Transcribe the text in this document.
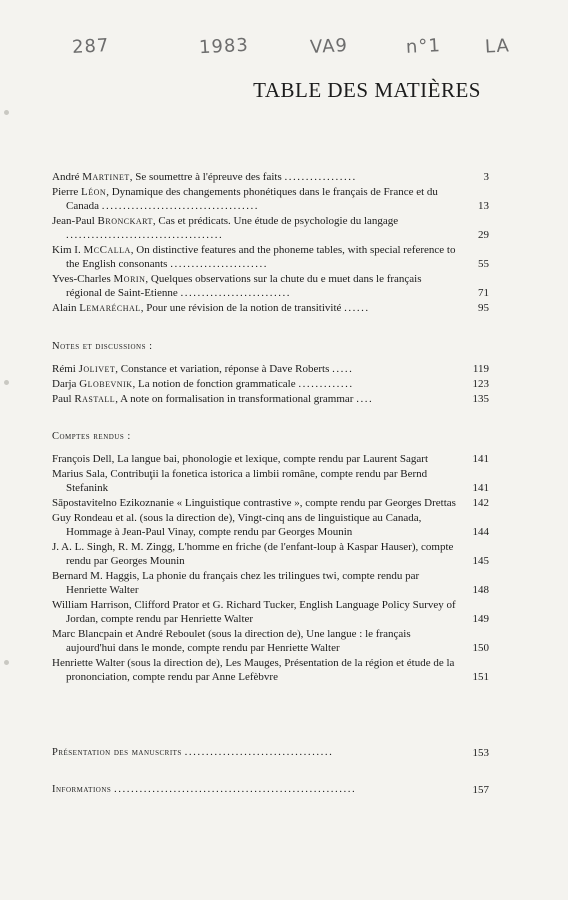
287	1983	VA9	n°1 LA
TABLE DES MATIÈRES
André Martinet, Se soumettre à l'épreuve des faits .................	3
Pierre Léon, Dynamique des changements phonétiques dans le français de France et du Canada .....................................	13
Jean-Paul Bronckart, Cas et prédicats. Une étude de psychologie du langage .....................................	29
Kim I. McCalla, On distinctive features and the phoneme tables, with special reference to the English consonants .......................	55
Yves-Charles Morin, Quelques observations sur la chute du e muet dans le français régional de Saint-Etienne ..........................	71
Alain Lemaréchal, Pour une révision de la notion de transitivité ......	95

Notes et discussions :

Rémi Jolivet, Constance et variation, réponse à Dave Roberts .....	119
Darja Globevnik, La notion de fonction grammaticale .............	123
Paul Rastall, A note on formalisation in transformational grammar ....	135

Comptes rendus :

François Dell, La langue bai, phonologie et lexique, compte rendu par Laurent Sagart	141
Marius Sala, Contribuţii la fonetica istorica a limbii române, compte rendu par Bernd Stefanink	141
Sāpostavitelno Ezikoznanie « Linguistique contrastive », compte rendu par Georges Drettas	142
Guy Rondeau et al. (sous la direction de), Vingt-cinq ans de linguistique au Canada, Hommage à Jean-Paul Vinay, compte rendu par Georges Mounin	144
J. A. L. Singh, R. M. Zingg, L'homme en friche (de l'enfant-loup à Kaspar Hauser), compte rendu par Georges Mounin	145
Bernard M. Haggis, La phonie du français chez les trilingues twi, compte rendu par Henriette Walter	148
William Harrison, Clifford Prator et G. Richard Tucker, English Language Policy Survey of Jordan, compte rendu par Henriette Walter	149
Marc Blancpain et André Reboulet (sous la direction de), Une langue : le français aujourd'hui dans le monde, compte rendu par Henriette Walter	150
Henriette Walter (sous la direction de), Les Mauges, Présentation de la région et étude de la prononciation, compte rendu par Anne Lefèbvre	151
Présentation des manuscrits ...................................	153
Informations .........................................................	157
